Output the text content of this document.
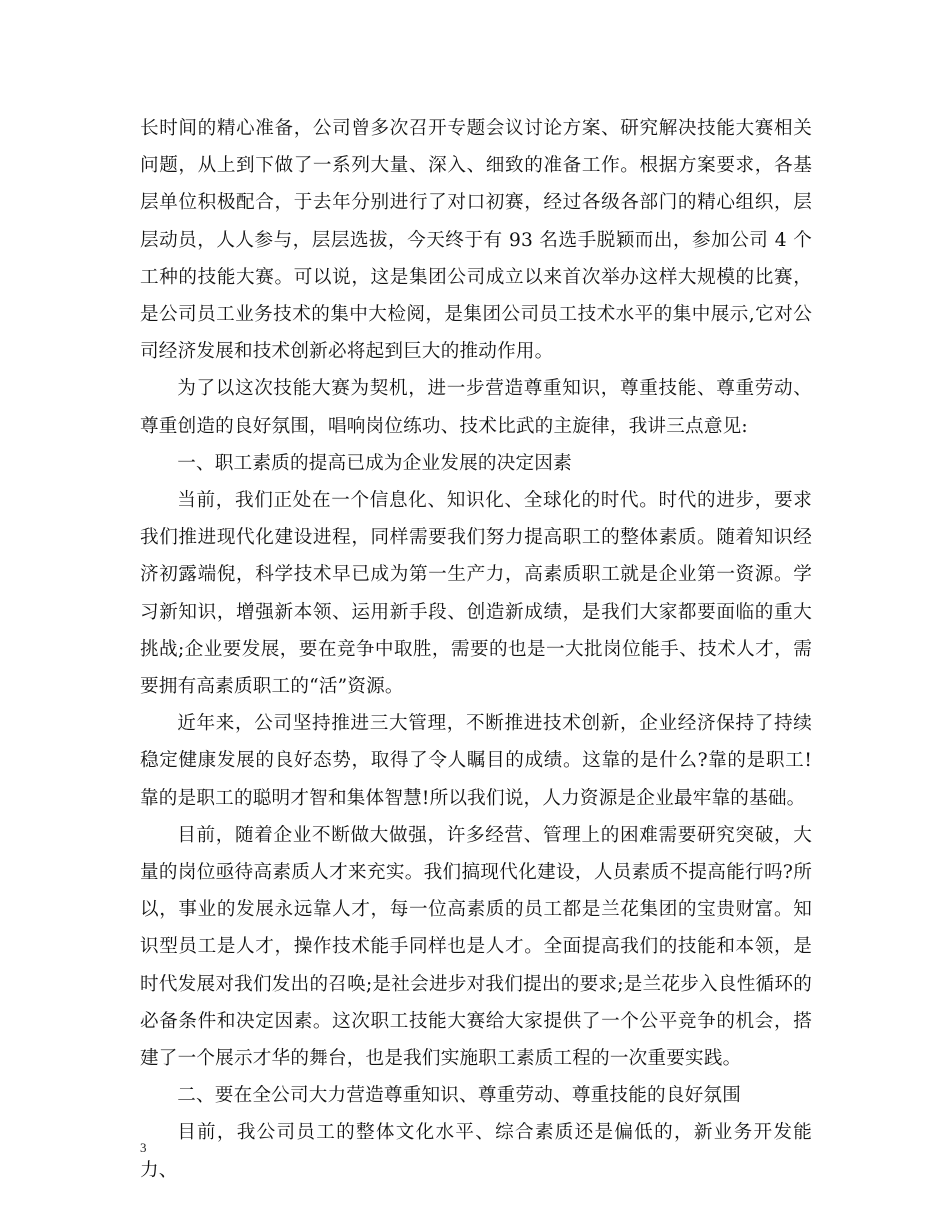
长时间的精心准备，公司曾多次召开专题会议讨论方案、研究解决技能大赛相关问题，从上到下做了一系列大量、深入、细致的准备工作。根据方案要求，各基层单位积极配合，于去年分别进行了对口初赛，经过各级各部门的精心组织，层层动员，人人参与，层层选拔，今天终于有 93 名选手脱颖而出，参加公司 4 个工种的技能大赛。可以说，这是集团公司成立以来首次举办这样大规模的比赛，是公司员工业务技术的集中大检阅，是集团公司员工技术水平的集中展示,它对公司经济发展和技术创新必将起到巨大的推动作用。

为了以这次技能大赛为契机，进一步营造尊重知识，尊重技能、尊重劳动、尊重创造的良好氛围，唱响岗位练功、技术比武的主旋律，我讲三点意见:

一、职工素质的提高已成为企业发展的决定因素

当前，我们正处在一个信息化、知识化、全球化的时代。时代的进步，要求我们推进现代化建设进程，同样需要我们努力提高职工的整体素质。随着知识经济初露端倪，科学技术早已成为第一生产力，高素质职工就是企业第一资源。学习新知识，增强新本领、运用新手段、创造新成绩，是我们大家都要面临的重大挑战;企业要发展，要在竞争中取胜，需要的也是一大批岗位能手、技术人才，需要拥有高素质职工的“活”资源。

近年来，公司坚持推进三大管理，不断推进技术创新，企业经济保持了持续稳定健康发展的良好态势，取得了令人瞩目的成绩。这靠的是什么?靠的是职工!靠的是职工的聪明才智和集体智慧!所以我们说，人力资源是企业最牢靠的基础。

目前，随着企业不断做大做强，许多经营、管理上的困难需要研究突破，大量的岗位亟待高素质人才来充实。我们搞现代化建设，人员素质不提高能行吗?所以，事业的发展永远靠人才，每一位高素质的员工都是兰花集团的宝贵财富。知识型员工是人才，操作技术能手同样也是人才。全面提高我们的技能和本领，是时代发展对我们发出的召唤;是社会进步对我们提出的要求;是兰花步入良性循环的必备条件和决定因素。这次职工技能大赛给大家提供了一个公平竞争的机会，搭建了一个展示才华的舞台，也是我们实施职工素质工程的一次重要实践。

二、要在全公司大力营造尊重知识、尊重劳动、尊重技能的良好氛围

目前，我公司员工的整体文化水平、综合素质还是偏低的，新业务开发能力、

3
